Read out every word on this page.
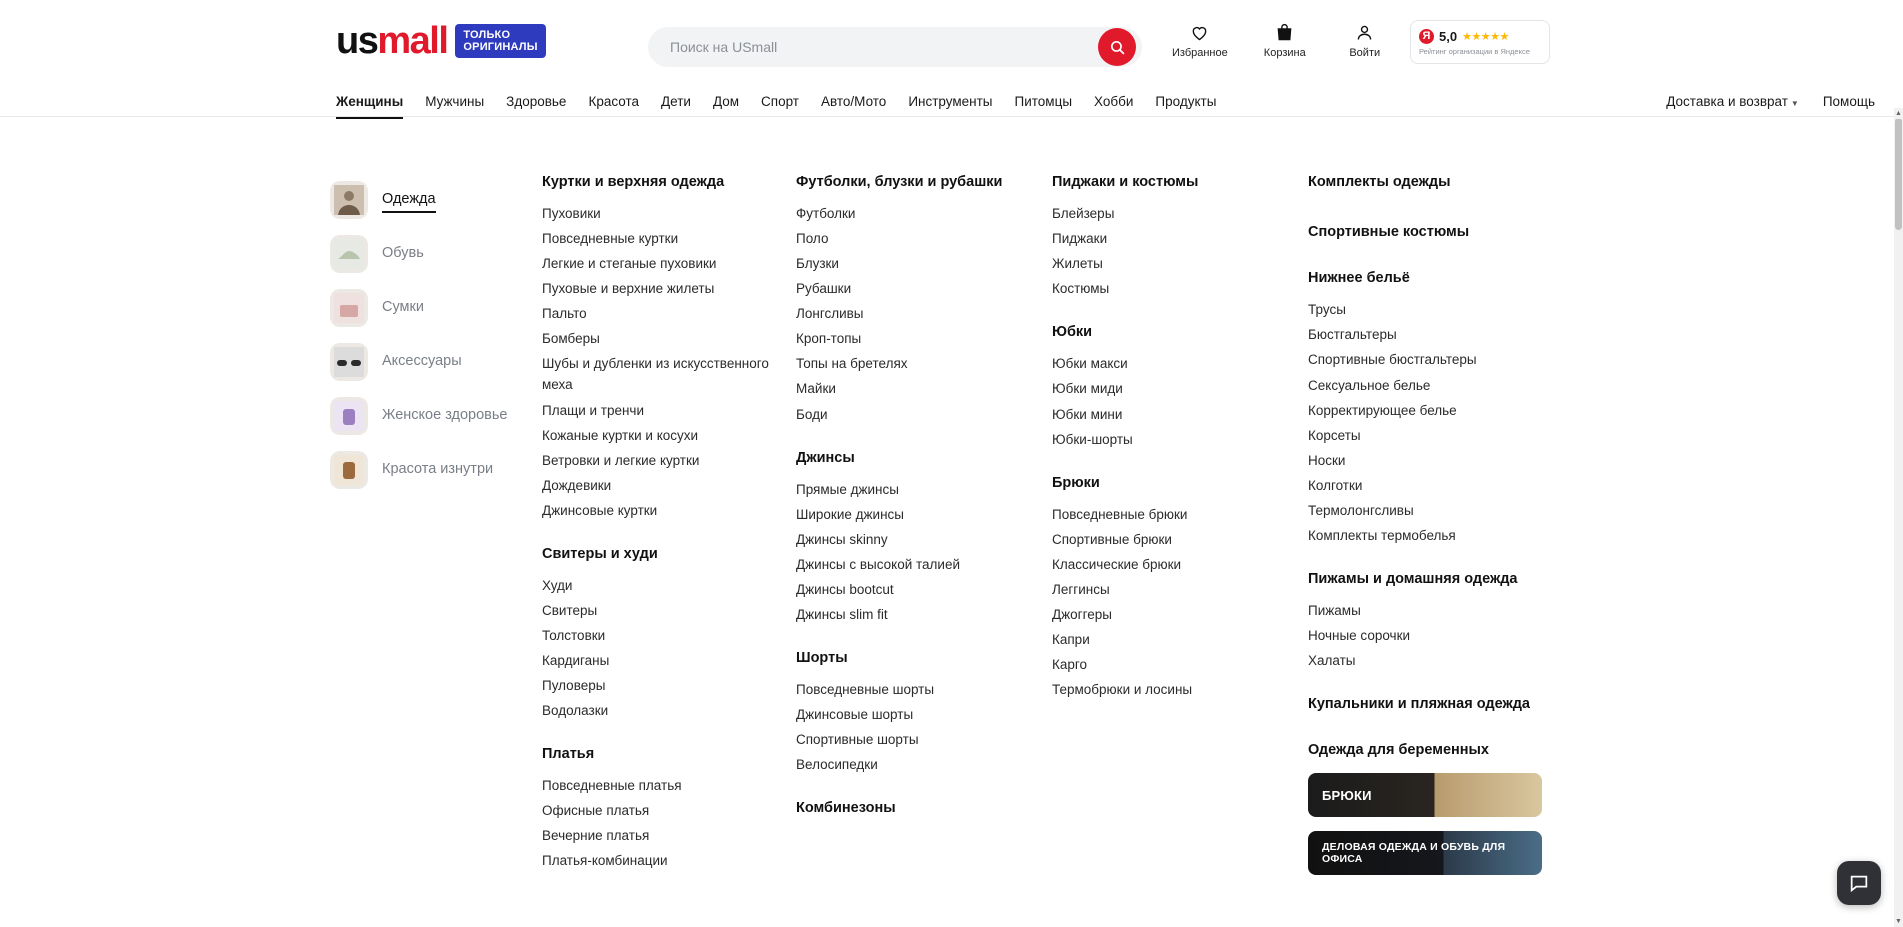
usmall ТОЛЬКО
ОРИГИНАЛЫ
Поиск на USmall	Избранное	Корзина	Войти
Я 5,0 ★★★★★
Рейтинг организации в Яндексе
Женщины Мужчины Здоровье Красота Дети Дом Спорт Авто/Мото Инструменты Питомцы Хобби Продукты	Доставка и возврат ▼ Помощь
Одежда
Обувь
Сумки
Аксессуары
Женское здоровье
Красота изнутри
Куртки и верхняя одежда
Пуховики
Повседневные куртки
Легкие и стеганые пуховики
Пуховые и верхние жилеты
Пальто
Бомберы
Шубы и дубленки из искусственного меха
Плащи и тренчи
Кожаные куртки и косухи
Ветровки и легкие куртки
Дождевики
Джинсовые куртки
Свитеры и худи
Худи
Свитеры
Толстовки
Кардиганы
Пуловеры
Водолазки
Платья
Повседневные платья
Офисные платья
Вечерние платья
Платья-комбинации
Футболки, блузки и рубашки
Футболки
Поло
Блузки
Рубашки
Лонгсливы
Кроп-топы
Топы на бретелях
Майки
Боди
Джинсы
Прямые джинсы
Широкие джинсы
Джинсы skinny
Джинсы с высокой талией
Джинсы bootcut
Джинсы slim fit
Шорты
Повседневные шорты
Джинсовые шорты
Спортивные шорты
Велосипедки
Комбинезоны
Пиджаки и костюмы
Блейзеры
Пиджаки
Жилеты
Костюмы
Юбки
Юбки макси
Юбки миди
Юбки мини
Юбки-шорты
Брюки
Повседневные брюки
Спортивные брюки
Классические брюки
Леггинсы
Джоггеры
Капри
Карго
Термобрюки и лосины
Комплекты одежды
Спортивные костюмы
Нижнее бельё
Трусы
Бюстгальтеры
Спортивные бюстгальтеры
Сексуальное белье
Корректирующее белье
Корсеты
Носки
Колготки
Термолонгсливы
Комплекты термобелья
Пижамы и домашняя одежда
Пижамы
Ночные сорочки
Халаты
Купальники и пляжная одежда
Одежда для беременных
БРЮКИ
ДЕЛОВАЯ ОДЕЖДА И ОБУВЬ ДЛЯ ОФИСА
▲
▼
